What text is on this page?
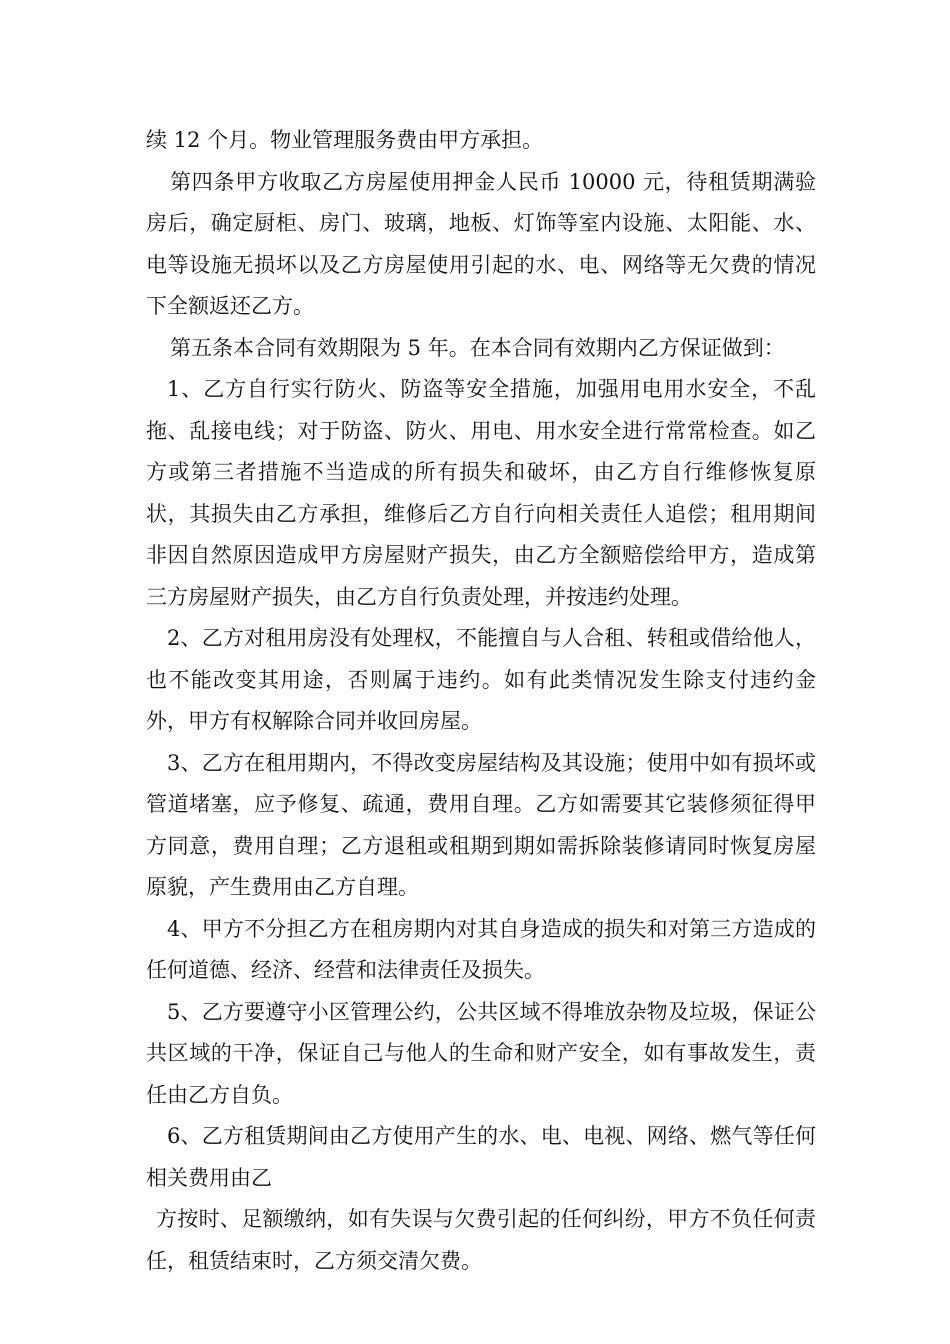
续 12 个月。物业管理服务费由甲方承担。

第四条甲方收取乙方房屋使用押金人民币 10000 元，待租赁期满验房后，确定厨柜、房门、玻璃，地板、灯饰等室内设施、太阳能、水、电等设施无损坏以及乙方房屋使用引起的水、电、网络等无欠费的情况下全额返还乙方。

第五条本合同有效期限为 5 年。在本合同有效期内乙方保证做到：

1、乙方自行实行防火、防盗等安全措施，加强用电用水安全，不乱拖、乱接电线；对于防盗、防火、用电、用水安全进行常常检查。如乙方或第三者措施不当造成的所有损失和破坏，由乙方自行维修恢复原状，其损失由乙方承担，维修后乙方自行向相关责任人追偿；租用期间非因自然原因造成甲方房屋财产损失，由乙方全额赔偿给甲方，造成第三方房屋财产损失，由乙方自行负责处理，并按违约处理。

2、乙方对租用房没有处理权，不能擅自与人合租、转租或借给他人，也不能改变其用途，否则属于违约。如有此类情况发生除支付违约金外，甲方有权解除合同并收回房屋。

3、乙方在租用期内，不得改变房屋结构及其设施；使用中如有损坏或管道堵塞，应予修复、疏通，费用自理。乙方如需要其它装修须征得甲方同意，费用自理；乙方退租或租期到期如需拆除装修请同时恢复房屋原貌，产生费用由乙方自理。

4、甲方不分担乙方在租房期内对其自身造成的损失和对第三方造成的任何道德、经济、经营和法律责任及损失。

5、乙方要遵守小区管理公约，公共区域不得堆放杂物及垃圾，保证公共区域的干净，保证自己与他人的生命和财产安全，如有事故发生，责任由乙方自负。

6、乙方租赁期间由乙方使用产生的水、电、电视、网络、燃气等任何相关费用由乙

方按时、足额缴纳，如有失误与欠费引起的任何纠纷，甲方不负任何责任，租赁结束时，乙方须交清欠费。
